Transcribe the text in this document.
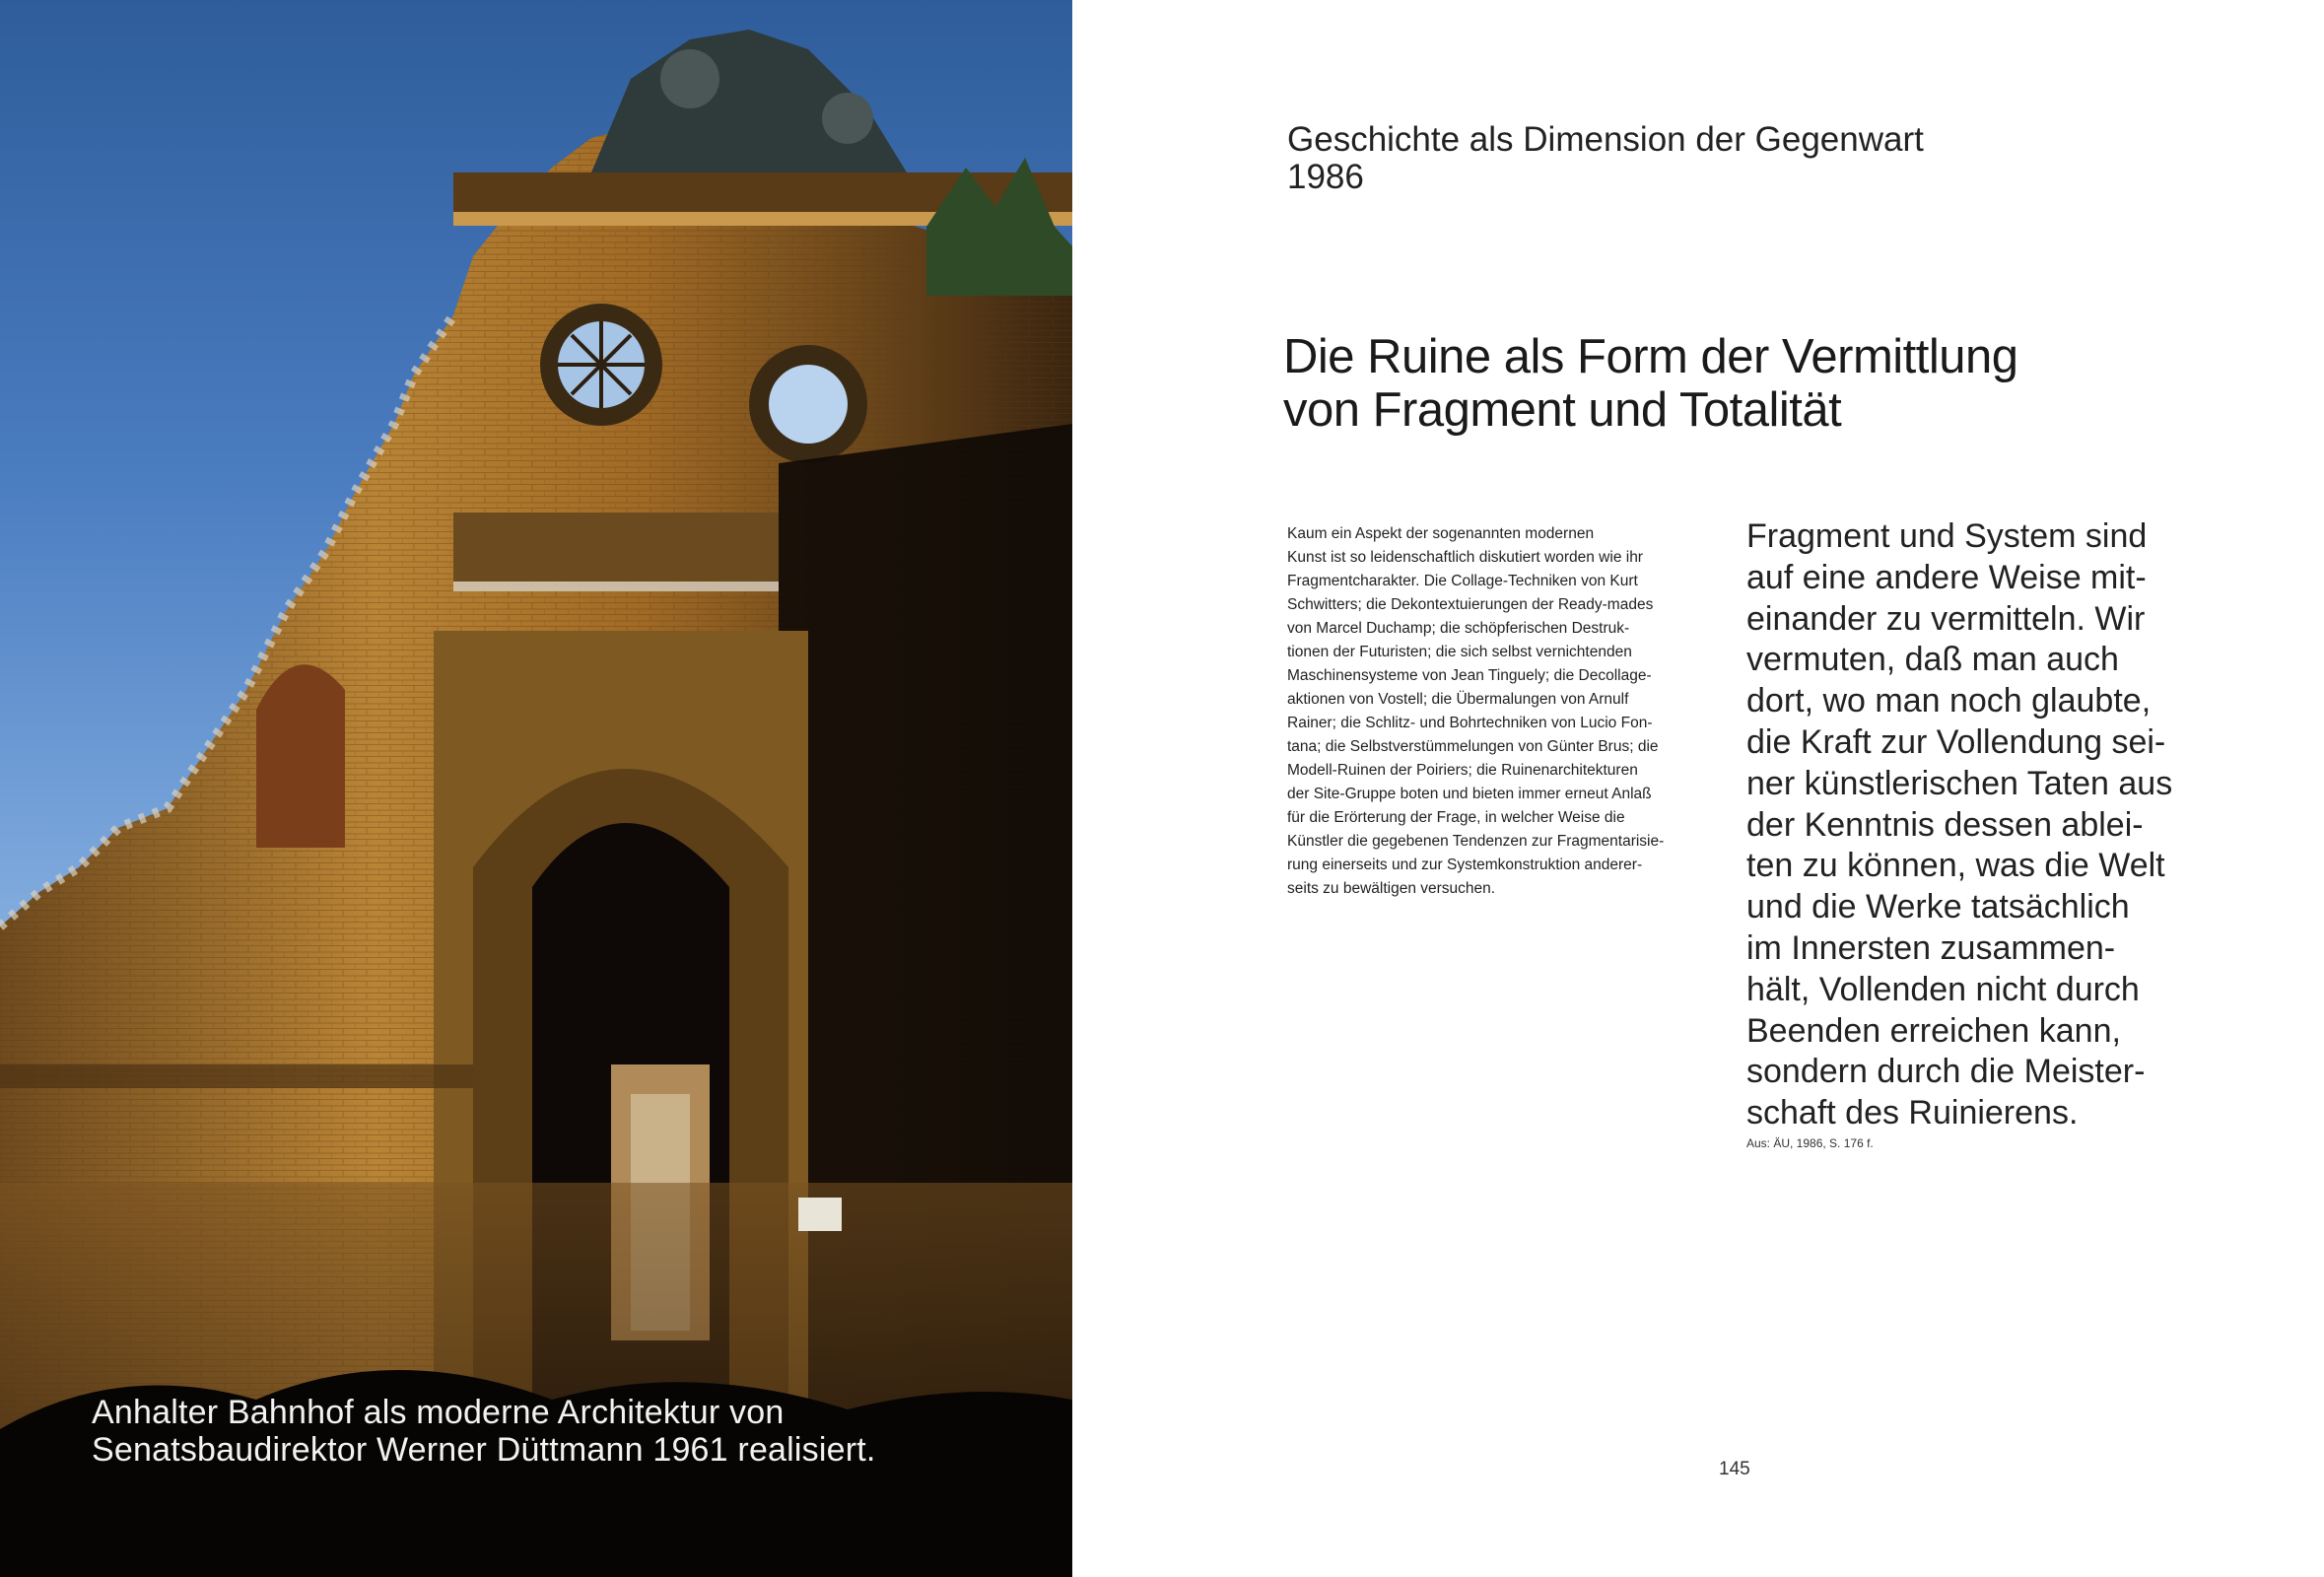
Anhalter Bahnhof als moderne Architektur von
Senatsbaudirektor Werner Düttmann 1961 realisiert.
Geschichte als Dimension der Gegenwart
1986
Die Ruine als Form der Vermittlung
von Fragment und Totalität
Kaum ein Aspekt der sogenannten modernen
Kunst ist so leidenschaftlich diskutiert worden wie ihr
Fragmentcharakter. Die Collage-Techniken von Kurt
Schwitters; die Dekontextuierungen der Ready-mades
von Marcel Duchamp; die schöpferischen Destruk-
tionen der Futuristen; die sich selbst vernichtenden
Maschinensysteme von Jean Tinguely; die Decollage-
aktionen von Vostell; die Übermalungen von Arnulf
Rainer; die Schlitz- und Bohrtechniken von Lucio Fon-
tana; die Selbstverstümmelungen von Günter Brus; die
Modell-Ruinen der Poiriers; die Ruinenarchitekturen
der Site-Gruppe boten und bieten immer erneut Anlaß
für die Erörterung der Frage, in welcher Weise die
Künstler die gegebenen Tendenzen zur Fragmentarisie-
rung einerseits und zur Systemkonstruktion anderer-
seits zu bewältigen versuchen.
Fragment und System sind
auf eine andere Weise mit-
einander zu vermitteln. Wir
vermuten, daß man auch
dort, wo man noch glaubte,
die Kraft zur Vollendung sei-
ner künstlerischen Taten aus
der Kenntnis dessen ablei-
ten zu können, was die Welt
und die Werke tatsächlich
im Innersten zusammen-
hält, Vollenden nicht durch
Beenden erreichen kann,
sondern durch die Meister-
schaft des Ruinierens.
Aus: ÄU, 1986, S. 176 f.
145
